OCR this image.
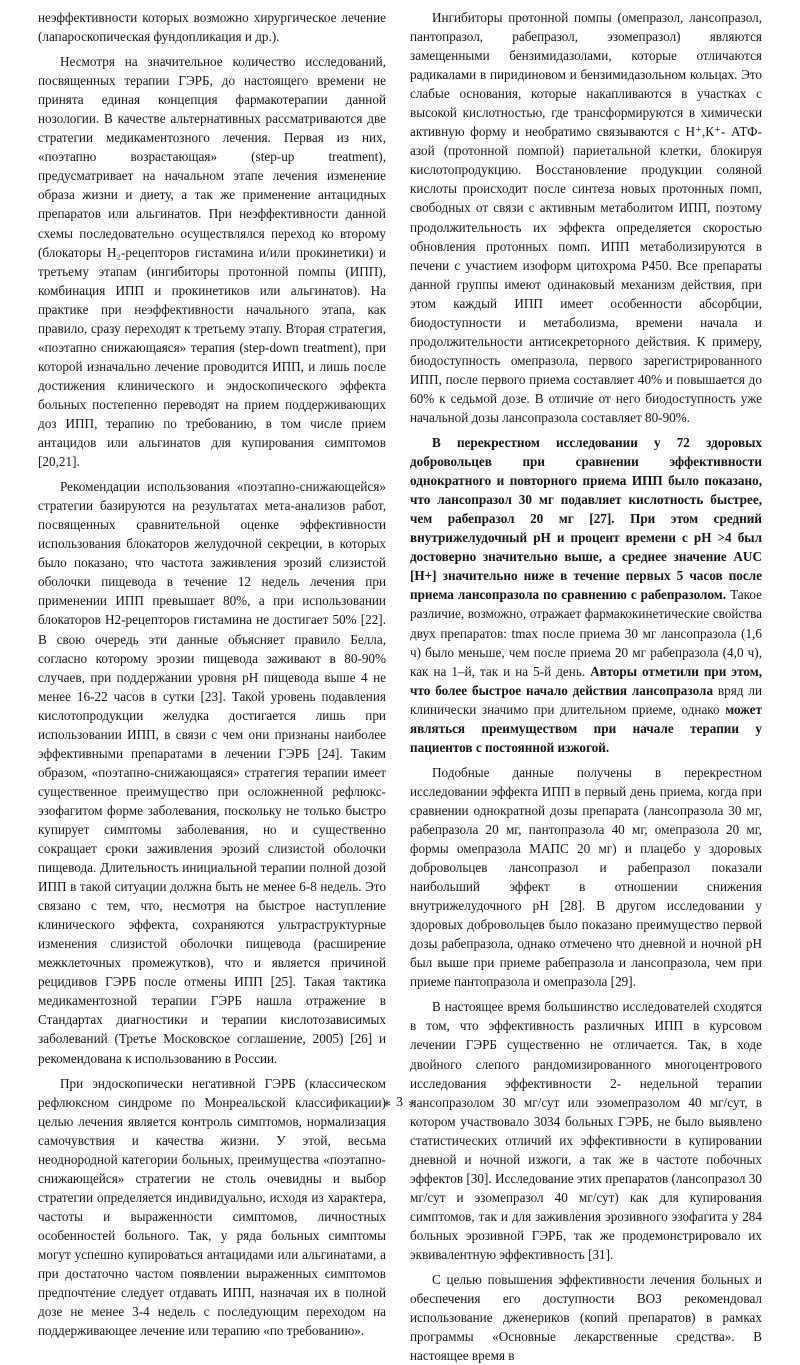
неэффективности которых возможно хирургическое лечение (лапароскопическая фундопликация и др.).

Несмотря на значительное количество исследований, посвященных терапии ГЭРБ, до настоящего времени не принята единая концепция фармакотерапии данной нозологии. В качестве альтернативных рассматриваются две стратегии медикаментозного лечения. Первая из них, «поэтапно возрастающая» (step-up treatment), предусматривает на начальном этапе лечения изменение образа жизни и диету, а так же применение антацидных препаратов или альгинатов. При неэффективности данной схемы последовательно осуществлялся переход ко второму (блокаторы Н₂-рецепторов гистамина и/или прокинетики) и третьему этапам (ингибиторы протонной помпы (ИПП), комбинация ИПП и прокинетиков или альгинатов). На практике при неэффективности начального этапа, как правило, сразу переходят к третьему этапу. Вторая стратегия, «поэтапно снижающаяся» терапия (step-down treatment), при которой изначально лечение проводится ИПП, и лишь после достижения клинического и эндоскопического эффекта больных постепенно переводят на прием поддерживающих доз ИПП, терапию по требованию, в том числе прием антацидов или альгинатов для купирования симптомов [20,21].

Рекомендации использования «поэтапно-снижающейся» стратегии базируются на результатах мета-анализов работ, посвященных сравнительной оценке эффективности использования блокаторов желудочной секреции, в которых было показано, что частота заживления эрозий слизистой оболочки пищевода в течение 12 недель лечения при применении ИПП превышает 80%, а при использовании блокаторов Н2-рецепторов гистамина не достигает 50% [22]. В свою очередь эти данные объясняет правило Белла, согласно которому эрозии пищевода заживают в 80-90% случаев, при поддержании уровня рН пищевода выше 4 не менее 16-22 часов в сутки [23]. Такой уровень подавления кислотопродукции желудка достигается лишь при использовании ИПП, в связи с чем они признаны наиболее эффективными препаратами в лечении ГЭРБ [24]. Таким образом, «поэтапно-снижающаяся» стратегия терапии имеет существенное преимущество при осложненной рефлюкс-эзофагитом форме заболевания, поскольку не только быстро купирует симптомы заболевания, но и существенно сокращает сроки заживления эрозий слизистой оболочки пищевода. Длительность инициальной терапии полной дозой ИПП в такой ситуации должна быть не менее 6-8 недель. Это связано с тем, что, несмотря на быстрое наступление клинического эффекта, сохраняются ультраструктурные изменения слизистой оболочки пищевода (расширение межклеточных промежутков), что и является причиной рецидивов ГЭРБ после отмены ИПП [25]. Такая тактика медикаментозной терапии ГЭРБ нашла отражение в Стандартах диагностики и терапии кислотозависимых заболеваний (Третье Московское соглашение, 2005) [26] и рекомендована к использованию в России.

При эндоскопически негативной ГЭРБ (классическом рефлюксном синдроме по Монреальской классификации) целью лечения является контроль симптомов, нормализация самочувствия и качества жизни. У этой, весьма неоднородной категории больных, преимущества «поэтапно-снижающейся» стратегии не столь очевидны и выбор стратегии определяется индивидуально, исходя из характера, частоты и выраженности симптомов, личностных особенностей больного. Так, у ряда больных симптомы могут успешно купироваться антацидами или альгинатами, а при достаточно частом появлении выраженных симптомов предпочтение следует отдавать ИПП, назначая их в полной дозе не менее 3-4 недель с последующим переходом на поддерживающее лечение или терапию «по требованию».

Ингибиторы протонной помпы (омепразол, лансопразол, пантопразол, рабепразол, эзомепразол) являются замещенными бензимидазолами, которые отличаются радикалами в пиридиновом и бензимидазольном кольцах. Это слабые основания, которые накапливаются в участках с высокой кислотностью, где трансформируются в химически активную форму и необратимо связываются с Н⁺,К⁺- АТФ-азой (протонной помпой) париетальной клетки, блокируя кислотопродукцию. Восстановление продукции соляной кислоты происходит после синтеза новых протонных помп, свободных от связи с активным метаболитом ИПП, поэтому продолжительность их эффекта определяется скоростью обновления протонных помп. ИПП метаболизируются в печени с участием изоформ цитохрома Р450. Все препараты данной группы имеют одинаковый механизм действия, при этом каждый ИПП имеет особенности абсорбции, биодоступности и метаболизма, времени начала и продолжительности антисекреторного действия. К примеру, биодоступность омепразола, первого зарегистрированного ИПП, после первого приема составляет 40% и повышается до 60% к седьмой дозе. В отличие от него биодоступность уже начальной дозы лансопразола составляет 80-90%.

В перекрестном исследовании у 72 здоровых добровольцев при сравнении эффективности однократного и повторного приема ИПП было показано, что лансопразол 30 мг подавляет кислотность быстрее, чем рабепразол 20 мг [27]. При этом средний внутрижелудочный рН и процент времени с рН >4 был достоверно значительно выше, а среднее значение AUC [H+] значительно ниже в течение первых 5 часов после приема лансопразола по сравнению с рабепразолом. Такое различие, возможно, отражает фармакокинетические свойства двух препаратов: tmax после приема 30 мг лансопразола (1,6 ч) было меньше, чем после приема 20 мг рабепразола (4,0 ч), как на 1–й, так и на 5-й день. Авторы отметили при этом, что более быстрое начало действия лансопразола вряд ли клинически значимо при длительном приеме, однако может являться преимуществом при начале терапии у пациентов с постоянной изжогой.

Подобные данные получены в перекрестном исследовании эффекта ИПП в первый день приема, когда при сравнении однократной дозы препарата (лансопразола 30 мг, рабепразола 20 мг, пантопразола 40 мг, омепразола 20 мг, формы омепразола МАПС 20 мг) и плацебо у здоровых добровольцев лансопразол и рабепразол показали наибольший эффект в отношении снижения внутрижелудочного рН [28]. В другом исследовании у здоровых добровольцев было показано преимущество первой дозы рабепразола, однако отмечено что дневной и ночной рН был выше при приеме рабепразола и лансопразола, чем при приеме пантопразола и омепразола [29].

В настоящее время большинство исследователей сходятся в том, что эффективность различных ИПП в курсовом лечении ГЭРБ существенно не отличается. Так, в ходе двойного слепого рандомизированного многоцентрового исследования эффективности 2- недельной терапии лансопразолом 30 мг/сут или эзомепразолом 40 мг/сут, в котором участвовало 3034 больных ГЭРБ, не было выявлено статистических отличий их эффективности в купировании дневной и ночной изжоги, а так же в частоте побочных эффектов [30]. Исследование этих препаратов (лансопразол 30 мг/сут и эзомепразол 40 мг/сут) как для купирования симптомов, так и для заживления эрозивного эзофагита у 284 больных эрозивной ГЭРБ, так же продемонстрировало их эквивалентную эффективность [31].

С целью повышения эффективности лечения больных и обеспечения его доступности ВОЗ рекомендовал использование дженериков (копий препаратов) в рамках программы «Основные лекарственные средства». В настоящее время в

⁎ 3 ⁎
